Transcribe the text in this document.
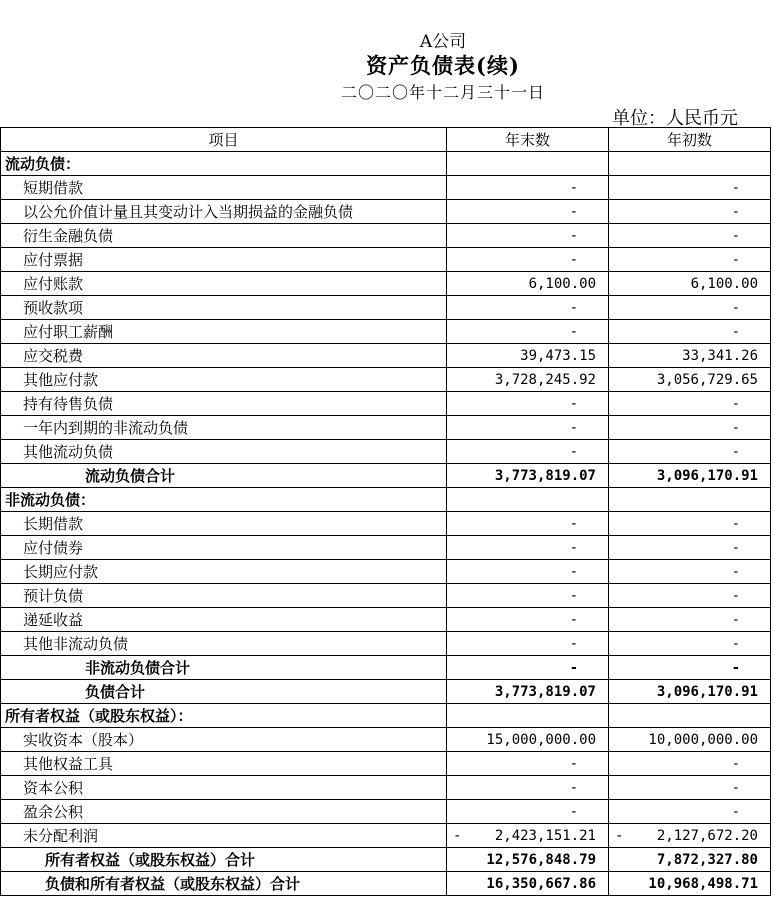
A公司
资产负债表(续)
二〇二〇年十二月三十一日
单位：人民币元
项目	年末数	年初数
流动负债：		
短期借款	-	-
以公允价值计量且其变动计入当期损益的金融负债	-	-
衍生金融负债	-	-
应付票据	-	-
应付账款	6,100.00	6,100.00
预收款项	-	-
应付职工薪酬	-	-
应交税费	39,473.15	33,341.26
其他应付款	3,728,245.92	3,056,729.65
持有待售负债	-	-
一年内到期的非流动负债	-	-
其他流动负债	-	-
流动负债合计	3,773,819.07	3,096,170.91
非流动负债：		
长期借款	-	-
应付债券	-	-
长期应付款	-	-
预计负债	-	-
递延收益	-	-
其他非流动负债	-	-
非流动负债合计	-	-
负债合计	3,773,819.07	3,096,170.91
所有者权益（或股东权益）：		
实收资本（股本）	15,000,000.00	10,000,000.00
其他权益工具	-	-
资本公积	-	-
盈余公积	-	-
未分配利润	- 2,423,151.21	- 2,127,672.20
所有者权益（或股东权益）合计	12,576,848.79	7,872,327.80
负债和所有者权益（或股东权益）合计	16,350,667.86	10,968,498.71
